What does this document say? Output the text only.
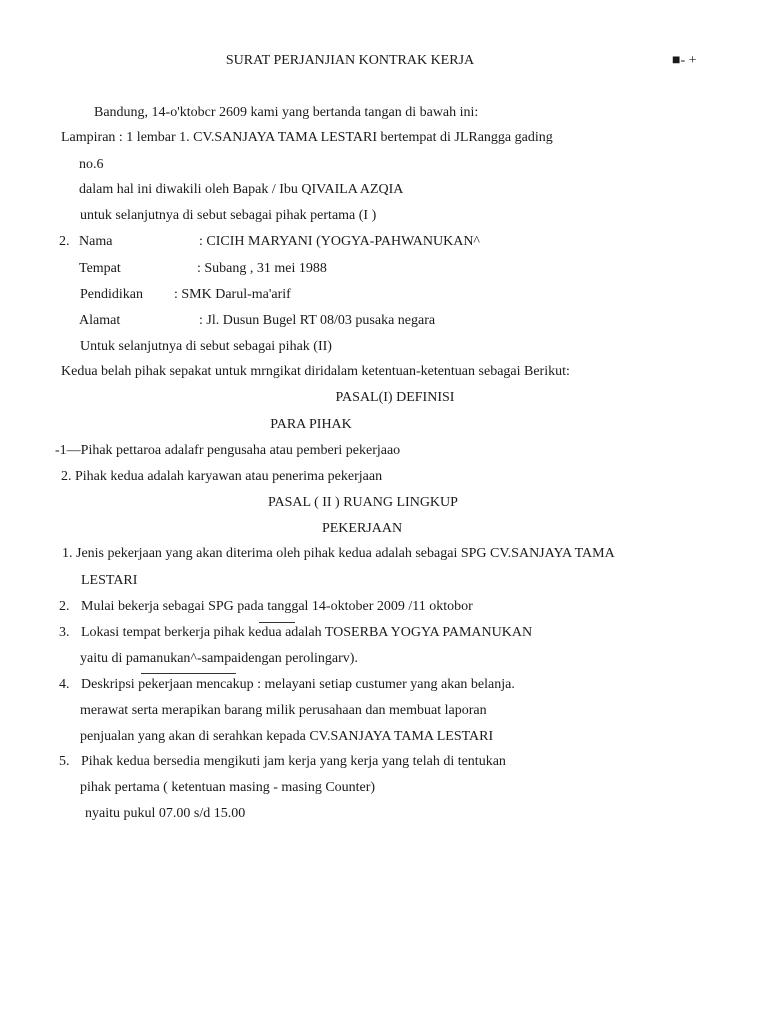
SURAT PERJANJIAN KONTRAK KERJA	■- +
Bandung, 14-o'ktobcr 2609 kami yang bertanda tangan di bawah ini:
Lampiran : 1 lembar 1. CV.SANJAYA TAMA LESTARI bertempat di JLRangga gading
no.6
dalam hal ini diwakili oleh Bapak / Ibu QIVAILA AZQIA
untuk selanjutnya di sebut sebagai pihak pertama (I )
2. Nama	: CICIH MARYANI (YOGYA-PAHWANUKAN^
Tempat	: Subang , 31 mei 1988
Pendidikan : SMK Darul-ma'arif
Alamat	: Jl. Dusun Bugel RT 08/03 pusaka negara
Untuk selanjutnya di sebut sebagai pihak (II)
Kedua belah pihak sepakat untuk mrngikat diridalam ketentuan-ketentuan sebagai Berikut:
PASAL(I) DEFINISI
PARA PIHAK
-1—Pihak pettaroa adalafr pengusaha atau pemberi pekerjaao
2. Pihak kedua adalah karyawan atau penerima pekerjaan
PASAL ( II ) RUANG LINGKUP
PEKERJAAN
1. Jenis pekerjaan yang akan diterima oleh pihak kedua adalah sebagai SPG CV.SANJAYA TAMA
LESTARI
2. Mulai bekerja sebagai SPG pada tanggal 14-oktober 2009 /11 oktobor
3. Lokasi tempat berkerja pihak kedua adalah TOSERBA YOGYA PAMANUKAN
yaitu di pamanukan^-sampaidengan perolingarv).
4. Deskripsi pekerjaan mencakup : melayani setiap custumer yang akan belanja.
merawat serta merapikan barang milik perusahaan dan membuat laporan
penjualan yang akan di serahkan kepada CV.SANJAYA TAMA LESTARI
5. Pihak kedua bersedia mengikuti jam kerja yang kerja yang telah di tentukan
pihak pertama ( ketentuan masing - masing Counter)
nyaitu pukul 07.00 s/d 15.00
